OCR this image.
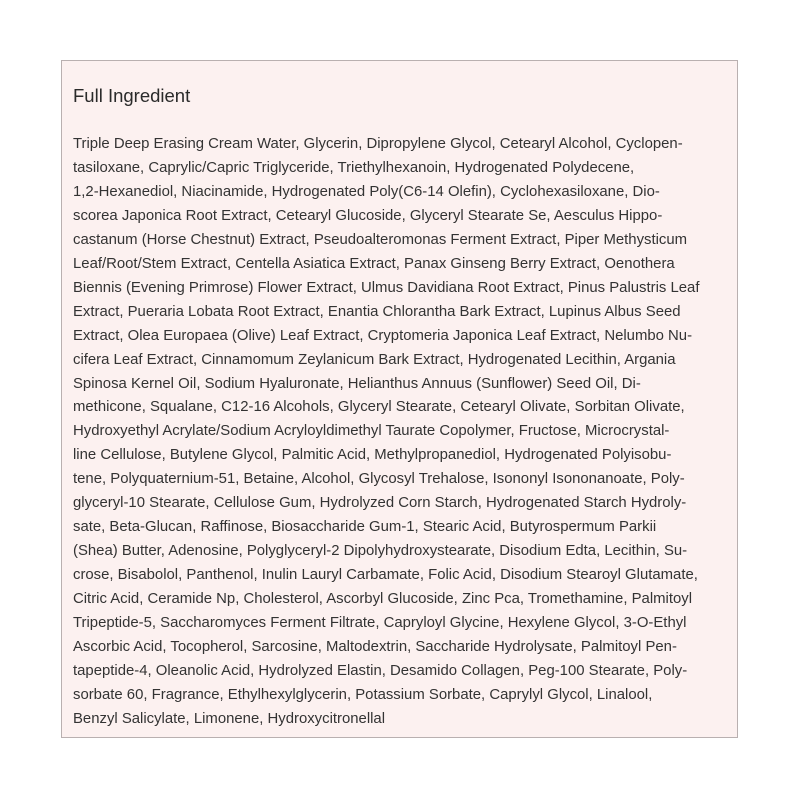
Full Ingredient
Triple Deep Erasing Cream Water, Glycerin, Dipropylene Glycol, Cetearyl Alcohol, Cyclopen-
tasiloxane, Caprylic/Capric Triglyceride, Triethylhexanoin, Hydrogenated Polydecene,
1,2-Hexanediol, Niacinamide, Hydrogenated Poly(C6-14 Olefin), Cyclohexasiloxane, Dio-
scorea Japonica Root Extract, Cetearyl Glucoside, Glyceryl Stearate Se, Aesculus Hippo-
castanum (Horse Chestnut) Extract, Pseudoalteromonas Ferment Extract, Piper Methysticum
Leaf/Root/Stem Extract, Centella Asiatica Extract, Panax Ginseng Berry Extract, Oenothera
Biennis (Evening Primrose) Flower Extract, Ulmus Davidiana Root Extract, Pinus Palustris Leaf
Extract, Pueraria Lobata Root Extract, Enantia Chlorantha Bark Extract, Lupinus Albus Seed
Extract, Olea Europaea (Olive) Leaf Extract, Cryptomeria Japonica Leaf Extract, Nelumbo Nu-
cifera Leaf Extract, Cinnamomum Zeylanicum Bark Extract, Hydrogenated Lecithin, Argania
Spinosa Kernel Oil, Sodium Hyaluronate, Helianthus Annuus (Sunflower) Seed Oil, Di-
methicone, Squalane, C12-16 Alcohols, Glyceryl Stearate, Cetearyl Olivate, Sorbitan Olivate,
Hydroxyethyl Acrylate/Sodium Acryloyldimethyl Taurate Copolymer, Fructose, Microcrystal-
line Cellulose, Butylene Glycol, Palmitic Acid, Methylpropanediol, Hydrogenated Polyisobu-
tene, Polyquaternium-51, Betaine, Alcohol, Glycosyl Trehalose, Isononyl Isononanoate, Poly-
glyceryl-10 Stearate, Cellulose Gum, Hydrolyzed Corn Starch, Hydrogenated Starch Hydroly-
sate, Beta-Glucan, Raffinose, Biosaccharide Gum-1, Stearic Acid, Butyrospermum Parkii
(Shea) Butter, Adenosine, Polyglyceryl-2 Dipolyhydroxystearate, Disodium Edta, Lecithin, Su-
crose, Bisabolol, Panthenol, Inulin Lauryl Carbamate, Folic Acid, Disodium Stearoyl Glutamate,
Citric Acid, Ceramide Np, Cholesterol, Ascorbyl Glucoside, Zinc Pca, Tromethamine, Palmitoyl
Tripeptide-5, Saccharomyces Ferment Filtrate, Capryloyl Glycine, Hexylene Glycol, 3-O-Ethyl
Ascorbic Acid, Tocopherol, Sarcosine, Maltodextrin, Saccharide Hydrolysate, Palmitoyl Pen-
tapeptide-4, Oleanolic Acid, Hydrolyzed Elastin, Desamido Collagen, Peg-100 Stearate, Poly-
sorbate 60, Fragrance, Ethylhexylglycerin, Potassium Sorbate, Caprylyl Glycol, Linalool,
Benzyl Salicylate, Limonene, Hydroxycitronellal
